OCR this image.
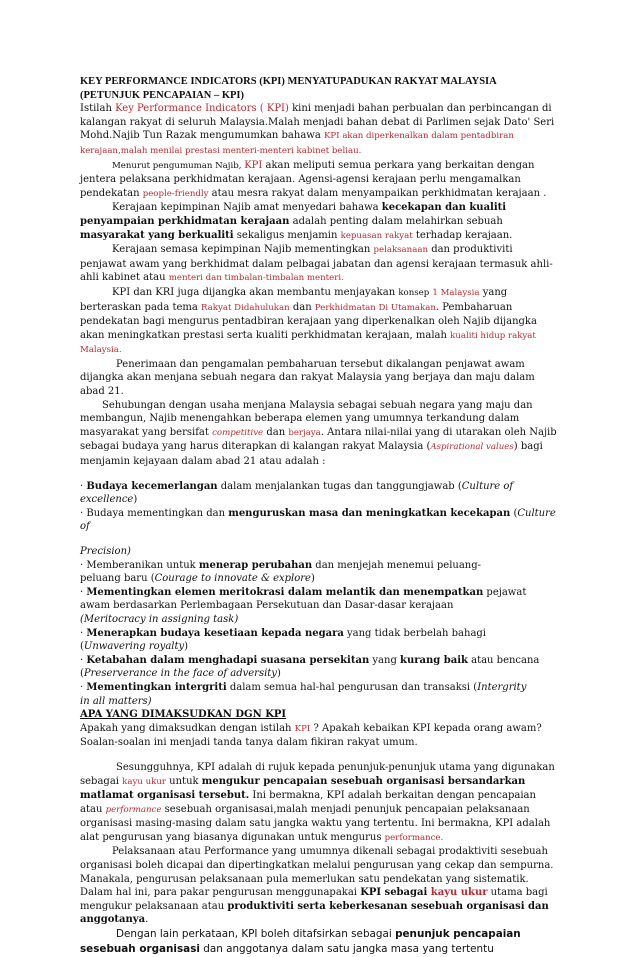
KEY PERFORMANCE INDICATORS (KPI) MENYATUPADUKAN RAKYAT MALAYSIA
(PETUNJUK PENCAPAIAN – KPI)

Istilah Key Performance Indicators ( KPI) kini menjadi bahan perbualan dan perbincangan di kalangan rakyat di seluruh Malaysia.Malah menjadi bahan debat di Parlimen sejak Dato' Seri Mohd.Najib Tun Razak mengumumkan bahawa KPI akan diperkenalkan dalam pentadbiran kerajaan,malah menilai prestasi menteri-menteri kabinet beliau.

Menurut pengumuman Najib, KPI akan meliputi semua perkara yang berkaitan dengan jentera pelaksana perkhidmatan kerajaan. Agensi-agensi kerajaan perlu mengamalkan pendekatan people-friendly atau mesra rakyat dalam menyampaikan perkhidmatan kerajaan .

Kerajaan kepimpinan Najib amat menyedari bahawa kecekapan dan kualiti penyampaian perkhidmatan kerajaan adalah penting dalam melahirkan sebuah masyarakat yang berkualiti sekaligus menjamin kepuasan rakyat terhadap kerajaan.

Kerajaan semasa kepimpinan Najib mementingkan pelaksanaan dan produktiviti penjawat awam yang berkhidmat dalam pelbagai jabatan dan agensi kerajaan termasuk ahli-ahli kabinet atau menteri dan timbalan-timbalan menteri.

KPI dan KRI juga dijangka akan membantu menjayakan konsep 1 Malaysia yang berteraskan pada tema Rakyat Didahulukan dan Perkhidmatan Di Utamakan. Pembaharuan pendekatan bagi mengurus pentadbiran kerajaan yang diperkenalkan oleh Najib dijangka akan meningkatkan prestasi serta kualiti perkhidmatan kerajaan, malah kualiti hidup rakyat Malaysia.

Penerimaan dan pengamalan pembaharuan tersebut dikalangan penjawat awam dijangka akan menjana sebuah negara dan rakyat Malaysia yang berjaya dan maju dalam abad 21.

Sehubungan dengan usaha menjana Malaysia sebagai sebuah negara yang maju dan membangun, Najib menengahkan beberapa elemen yang umumnya terkandung dalam masyarakat yang bersifat competitive dan berjaya. Antara nilai-nilai yang di utarakan oleh Najib sebagai budaya yang harus diterapkan di kalangan rakyat Malaysia (Aspirational values) bagi menjamin kejayaan dalam abad 21 atau adalah :

· Budaya kecemerlangan dalam menjalankan tugas dan tanggungjawab (Culture of excellence)

· Budaya mementingkan dan menguruskan masa dan meningkatkan kecekapan (Culture of

Precision)

· Memberanikan untuk menerap perubahan dan menjejah menemui peluang-
peluang baru (Courage to innovate & explore)

· Mementingkan elemen meritokrasi dalam melantik dan menempatkan pejawat awam berdasarkan Perlembagaan Persekutuan dan Dasar-dasar kerajaan
(Meritocracy in assigning task)

· Menerapkan budaya kesetiaan kepada negara yang tidak berbelah bahagi
(Unwavering royalty)

· Ketabahan dalam menghadapi suasana persekitan yang kurang baik atau bencana
(Preserverance in the face of adversity)

· Mementingkan intergriti dalam semua hal-hal pengurusan dan transaksi (Intergrity
in all matters)

APA YANG DIMAKSUDKAN DGN KPI

Apakah yang dimaksudkan dengan istilah KPI ? Apakah kebaikan KPI kepada orang awam? Soalan-soalan ini menjadi tanda tanya dalam fikiran rakyat umum.

Sesungguhnya, KPI adalah di rujuk kepada penunjuk-penunjuk utama yang digunakan sebagai kayu ukur untuk mengukur pencapaian sesebuah organisasi bersandarkan matlamat organisasi tersebut. Ini bermakna, KPI adalah berkaitan dengan pencapaian atau performance sesebuah organisasai,malah menjadi penunjuk pencapaian pelaksanaan organisasi masing-masing dalam satu jangka waktu yang tertentu. Ini bermakna, KPI adalah alat pengurusan yang biasanya digunakan untuk mengurus performance.

Pelaksanaan atau Performance yang umumnya dikenali sebagai prodaktiviti sesebuah organisasi boleh dicapai dan dipertingkatkan melalui pengurusan yang cekap dan sempurna. Manakala, pengurusan pelaksanaan pula memerlukan satu pendekatan yang sistematik. Dalam hal ini, para pakar pengurusan menggunapakai KPI sebagai kayu ukur utama bagi mengukur pelaksanaan atau produktiviti serta keberkesanan sesebuah organisasi dan anggotanya.

Dengan lain perkataan, KPI boleh ditafsirkan sebagai penunjuk pencapaian sesebuah organisasi dan anggotanya dalam satu jangka masa yang tertentu
